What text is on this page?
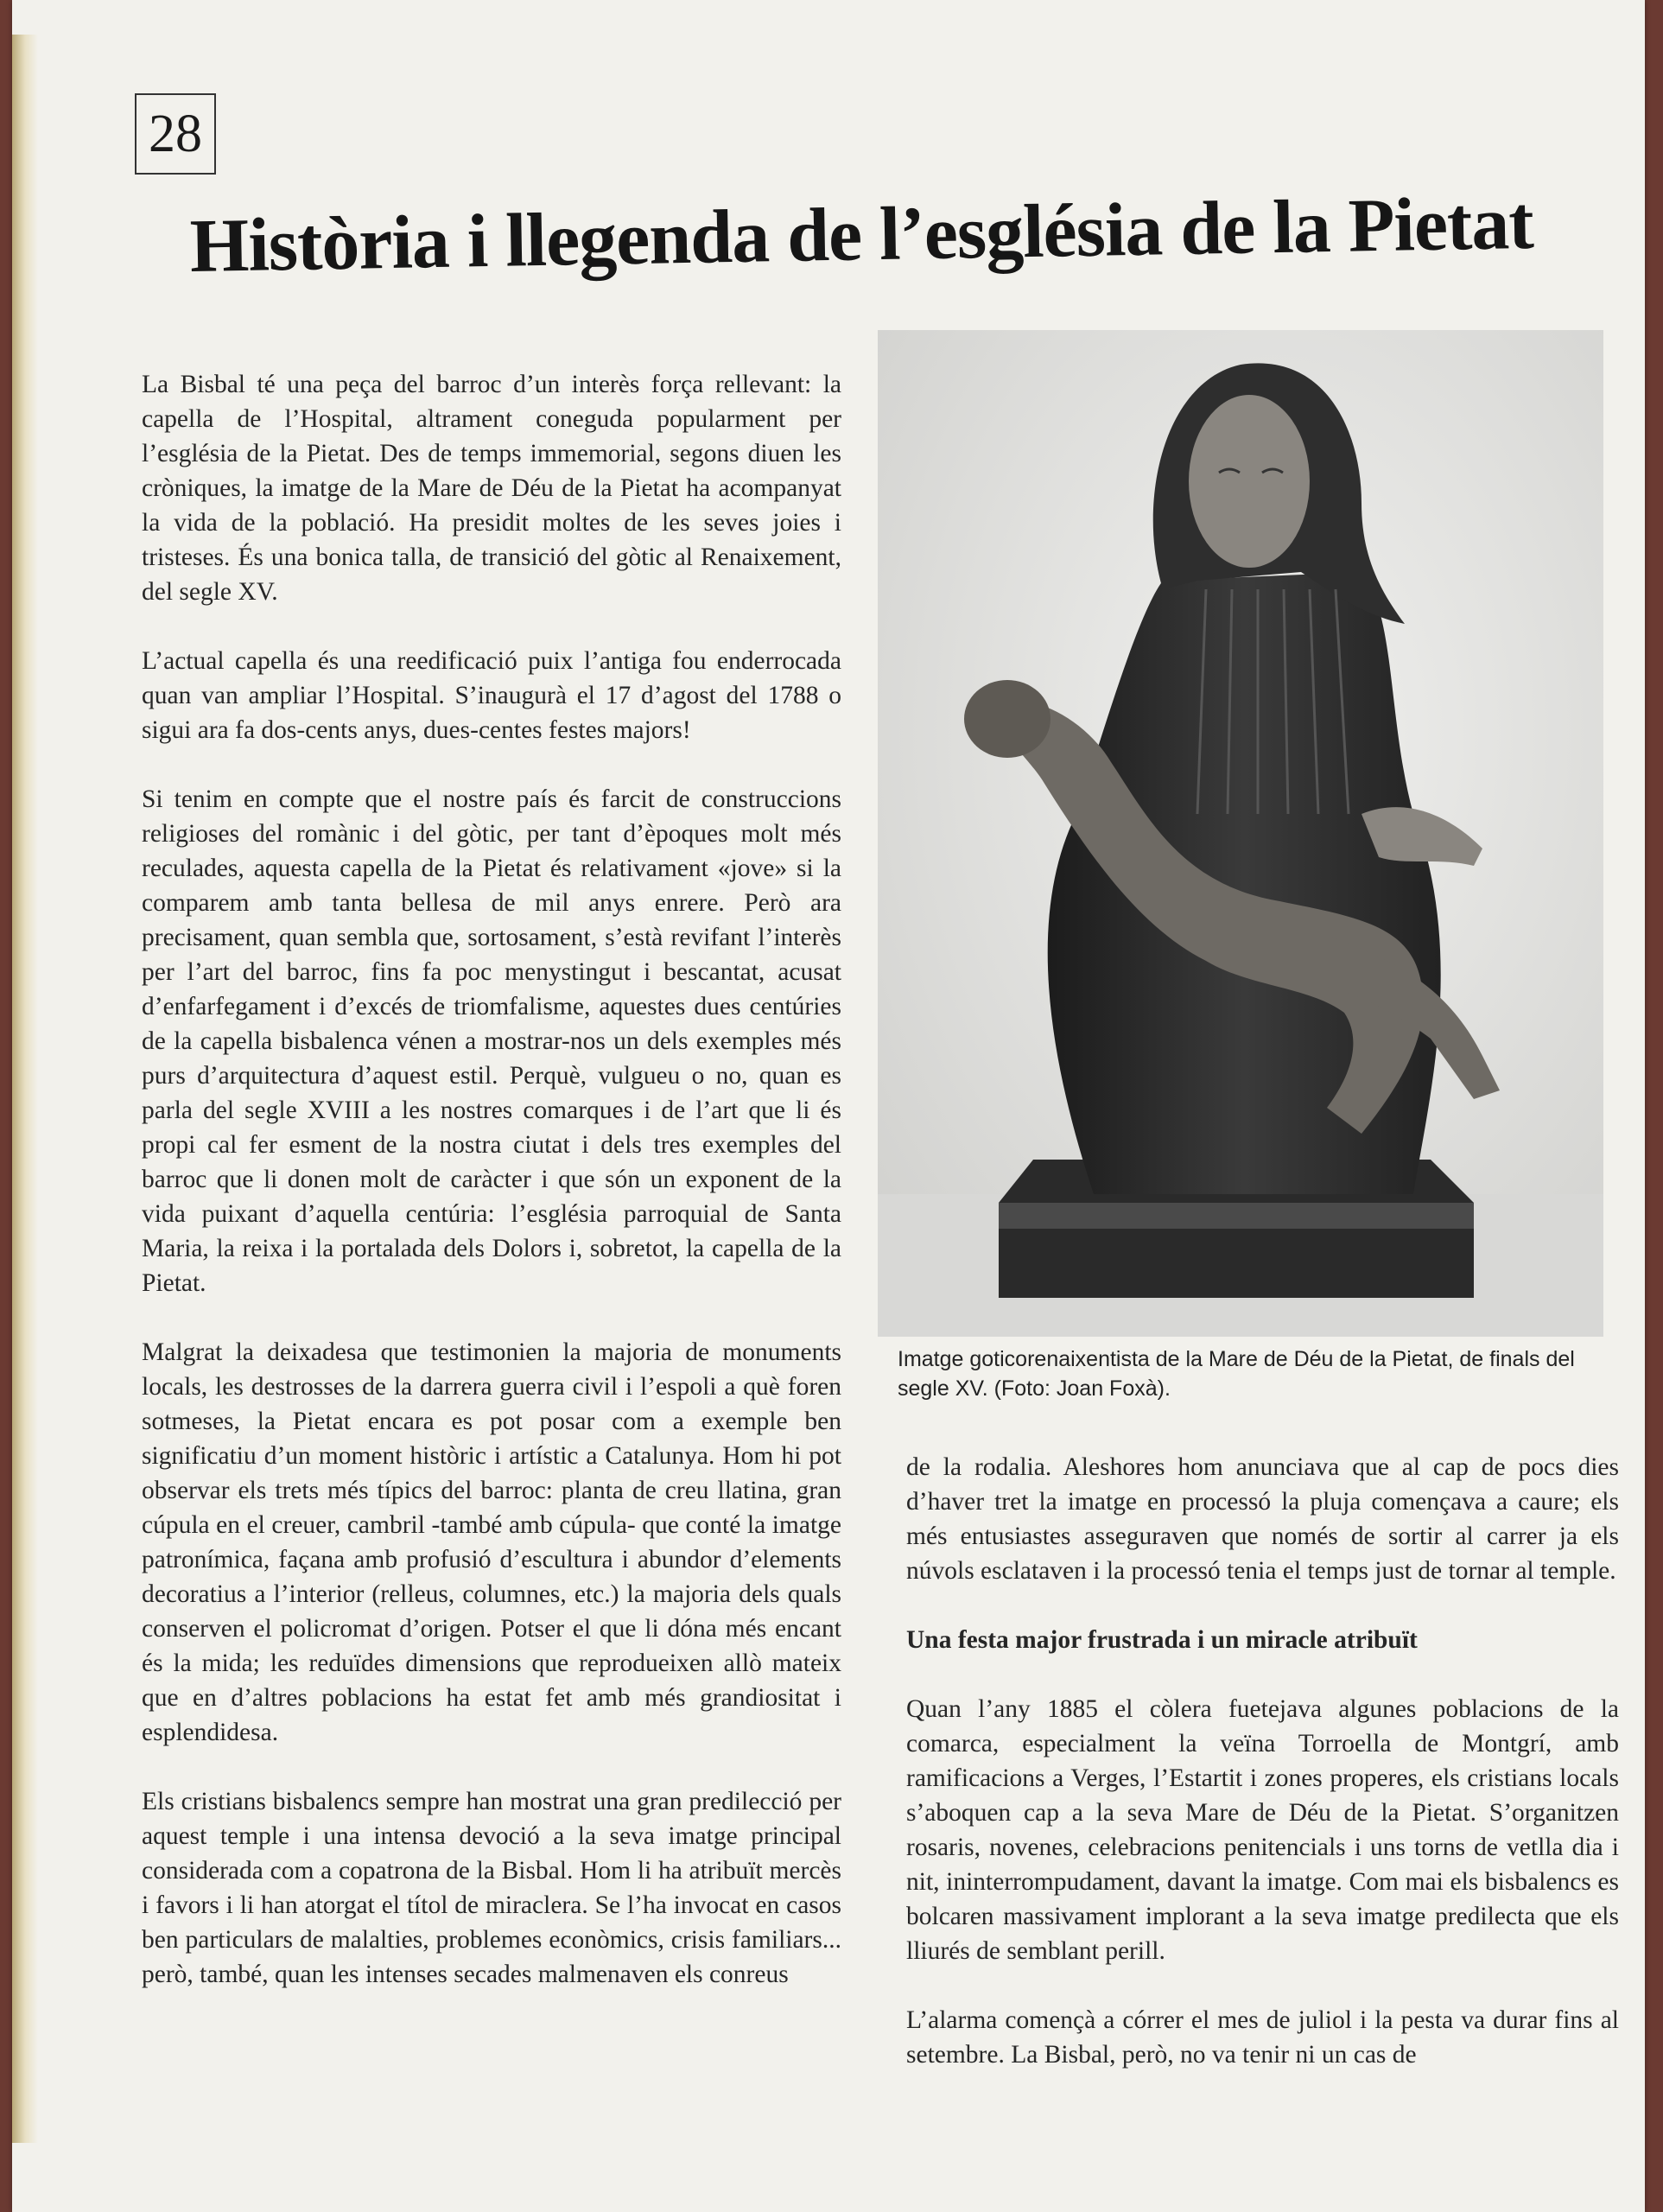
28
Història i llegenda de l’església de la Pietat

La Bisbal té una peça del barroc d’un interès força rellevant: la capella de l’Hospital, altrament coneguda popularment per l’església de la Pietat. Des de temps immemorial, segons diuen les cròniques, la imatge de la Mare de Déu de la Pietat ha acompanyat la vida de la població. Ha presidit moltes de les seves joies i tristeses. És una bonica talla, de transició del gòtic al Renaixement, del segle XV.

L’actual capella és una reedificació puix l’antiga fou enderrocada quan van ampliar l’Hospital. S’inaugurà el 17 d’agost del 1788 o sigui ara fa dos-cents anys, dues-centes festes majors!

Si tenim en compte que el nostre país és farcit de construccions religioses del romànic i del gòtic, per tant d’èpoques molt més reculades, aquesta capella de la Pietat és relativament «jove» si la comparem amb tanta bellesa de mil anys enrere. Però ara precisament, quan sembla que, sortosament, s’està revifant l’interès per l’art del barroc, fins fa poc menystingut i bescantat, acusat d’enfarfegament i d’excés de triomfalisme, aquestes dues centúries de la capella bisbalenca vénen a mostrar-nos un dels exemples més purs d’arquitectura d’aquest estil. Perquè, vulgueu o no, quan es parla del segle XVIII a les nostres comarques i de l’art que li és propi cal fer esment de la nostra ciutat i dels tres exemples del barroc que li donen molt de caràcter i que són un exponent de la vida puixant d’aquella centúria: l’església parroquial de Santa Maria, la reixa i la portalada dels Dolors i, sobretot, la capella de la Pietat.

Malgrat la deixadesa que testimonien la majoria de monuments locals, les destrosses de la darrera guerra civil i l’espoli a què foren sotmeses, la Pietat encara es pot posar com a exemple ben significatiu d’un moment històric i artístic a Catalunya. Hom hi pot observar els trets més típics del barroc: planta de creu llatina, gran cúpula en el creuer, cambril -també amb cúpula- que conté la imatge patronímica, façana amb profusió d’escultura i abundor d’elements decoratius a l’interior (relleus, columnes, etc.) la majoria dels quals conserven el policromat d’origen. Potser el que li dóna més encant és la mida; les reduïdes dimensions que reprodueixen allò mateix que en d’altres poblacions ha estat fet amb més grandiositat i esplendidesa.

Els cristians bisbalencs sempre han mostrat una gran predilecció per aquest temple i una intensa devoció a la seva imatge principal considerada com a copatrona de la Bisbal. Hom li ha atribuït mercès i favors i li han atorgat el títol de miraclera. Se l’ha invocat en casos ben particulars de malalties, problemes econòmics, crisis familiars... però, també, quan les intenses secades malmenaven els conreus

Imatge goticorenaixentista de la Mare de Déu de la Pietat, de finals del segle XV. (Foto: Joan Foxà).

de la rodalia. Aleshores hom anunciava que al cap de pocs dies d’haver tret la imatge en processó la pluja començava a caure; els més entusiastes asseguraven que només de sortir al carrer ja els núvols esclataven i la processó tenia el temps just de tornar al temple.

Una festa major frustrada i un miracle atribuït

Quan l’any 1885 el còlera fuetejava algunes poblacions de la comarca, especialment la veïna Torroella de Montgrí, amb ramificacions a Verges, l’Estartit i zones properes, els cristians locals s’aboquen cap a la seva Mare de Déu de la Pietat. S’organitzen rosaris, novenes, celebracions penitencials i uns torns de vetlla dia i nit, ininterrompudament, davant la imatge. Com mai els bisbalencs es bolcaren massivament implorant a la seva imatge predilecta que els lliurés de semblant perill.

L’alarma començà a córrer el mes de juliol i la pesta va durar fins al setembre. La Bisbal, però, no va tenir ni un cas de
